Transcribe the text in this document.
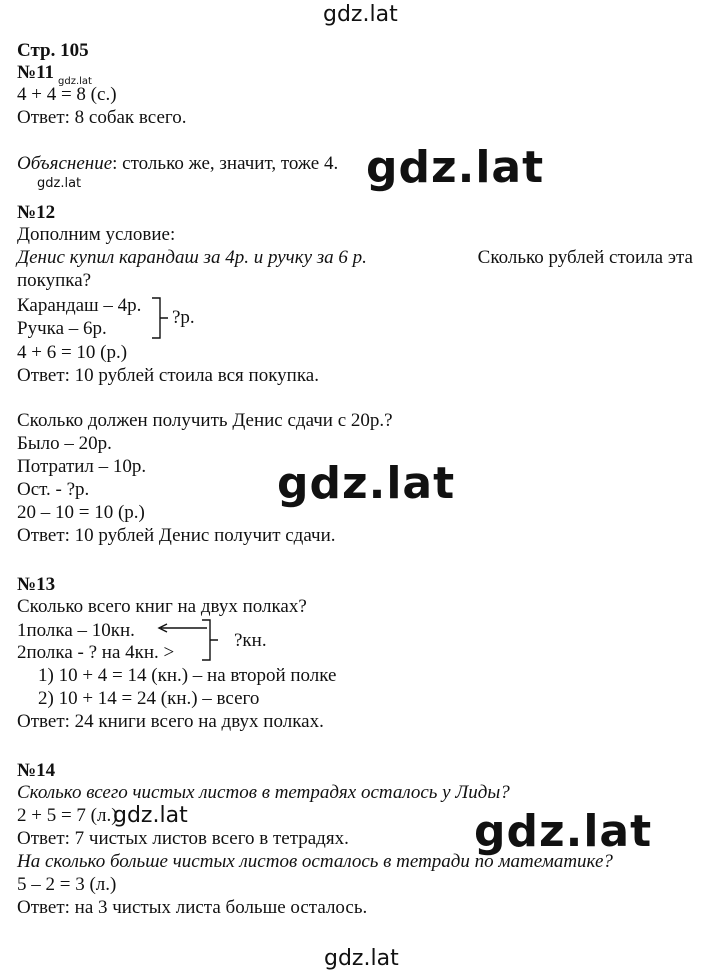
gdz.lat
gdz.lat
gdz.lat
gdz.lat
gdz.lat
gdz.lat	gdz.lat
gdz.lat
Стр. 105
№11
4 + 4 = 8 (с.)
Ответ: 8 собак всего.
Объяснение: столько же, значит, тоже 4.
№12
Дополним условие:
Денис купил карандаш за 4р. и ручку за 6 р.	Сколько рублей стоила эта
покупка?
Карандаш – 4р.
Ручка – 6р.
?р.
4 + 6 = 10 (р.)
Ответ: 10 рублей стоила вся покупка.
Сколько должен получить Денис сдачи с 20р.?
Было – 20р.
Потратил – 10р.
Ост. - ?р.
20 – 10 = 10 (р.)
Ответ: 10 рублей Денис получит сдачи.
№13
Сколько всего книг на двух полках?
1полка – 10кн.
2полка - ? на 4кн. >
?кн.
1) 10 + 4 = 14 (кн.) – на второй полке
2) 10 + 14 = 24 (кн.) – всего
Ответ: 24 книги всего на двух полках.
№14
Сколько всего чистых листов в тетрадях осталось у Лиды?
2 + 5 = 7 (л.)
Ответ: 7 чистых листов всего в тетрадях.
На сколько больше чистых листов осталось в тетради по математике?
5 – 2 = 3 (л.)
Ответ: на 3 чистых листа больше осталось.
